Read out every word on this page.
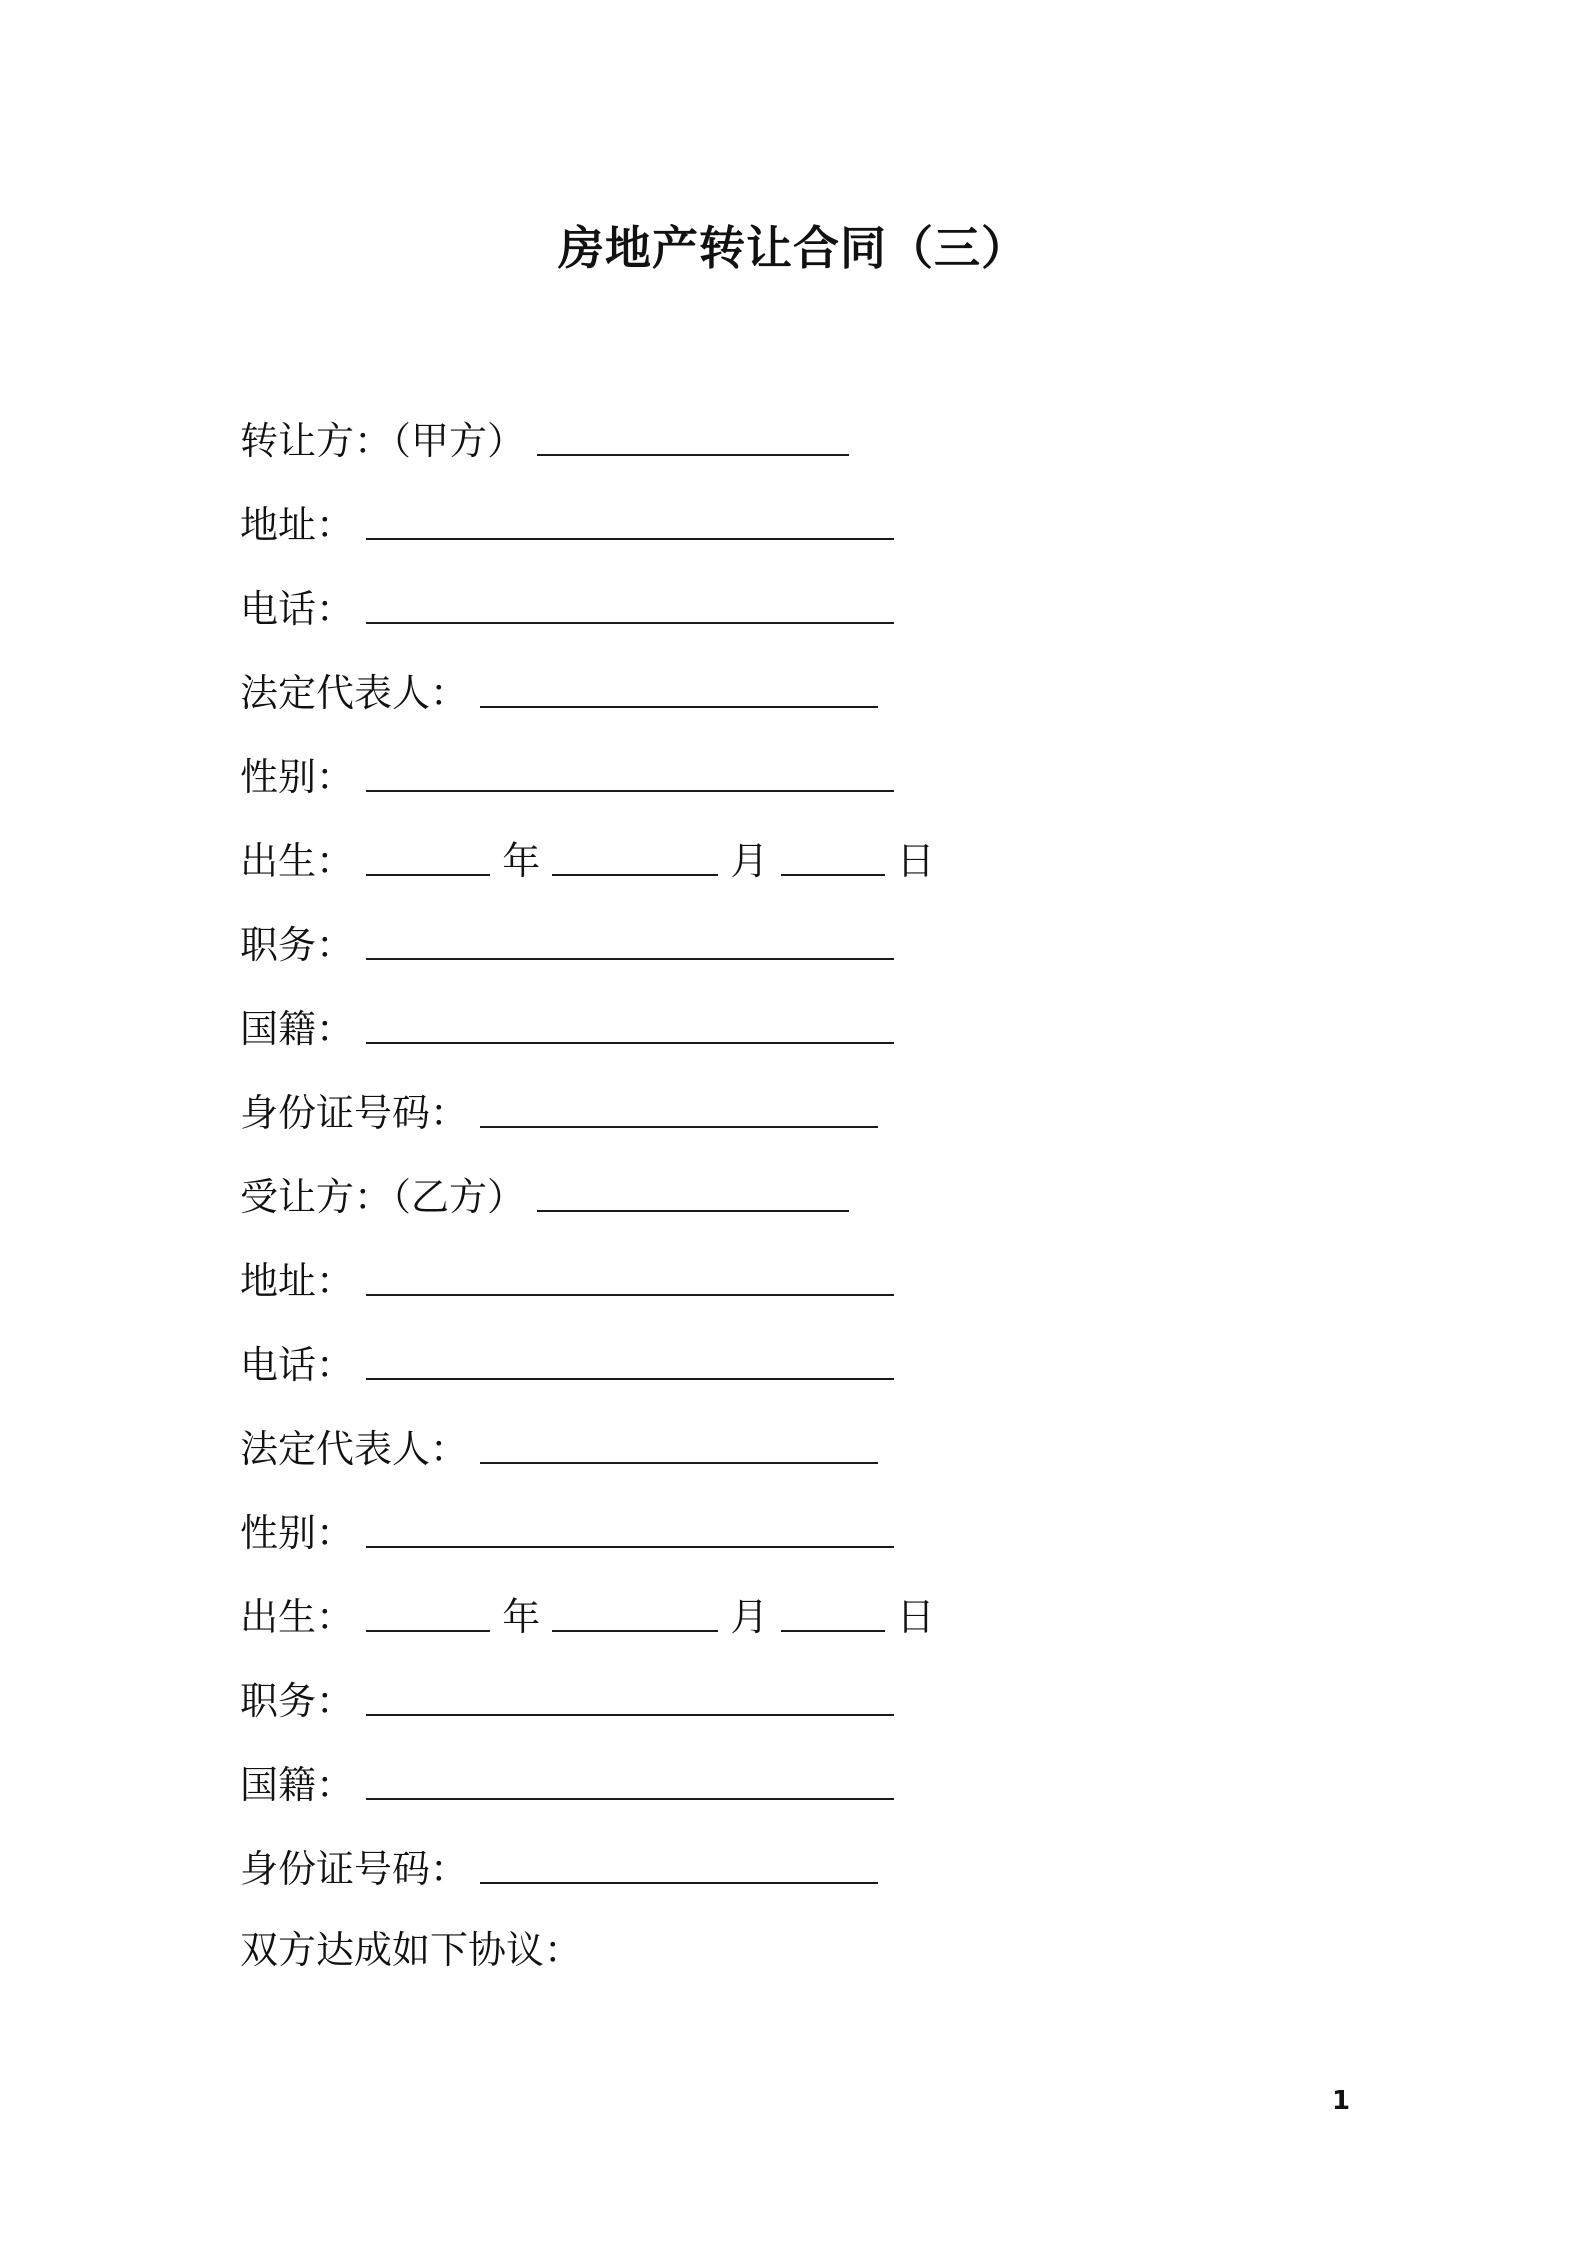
房地产转让合同（三）
转让方：（甲方）
地址：
电话：
法定代表人：
性别：
出生：	年	月	日
职务：
国籍：
身份证号码：
受让方：（乙方）
地址：
电话：
法定代表人：
性别：
出生：	年	月	日
职务：
国籍：
身份证号码：
双方达成如下协议：
1
